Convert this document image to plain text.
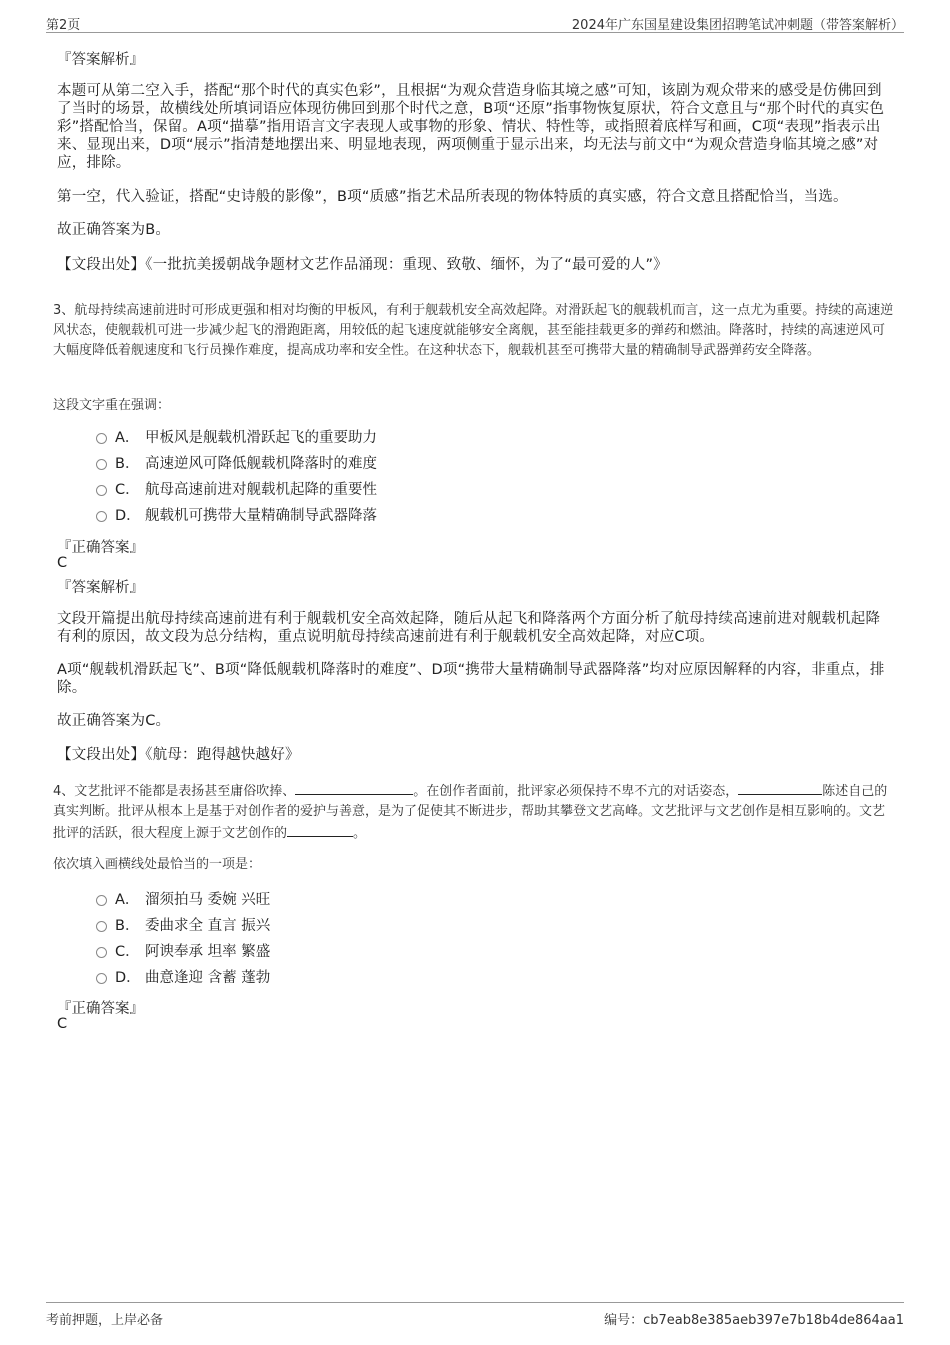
第2页	2024年广东国星建设集团招聘笔试冲刺题（带答案解析）
『答案解析』
本题可从第二空入手，搭配“那个时代的真实色彩”，且根据“为观众营造身临其境之感”可知，该剧为观众带来的感受是仿佛回到了当时的场景，故横线处所填词语应体现彷佛回到那个时代之意，B项“还原”指事物恢复原状，符合文意且与“那个时代的真实色彩”搭配恰当，保留。A项“描摹”指用语言文字表现人或事物的形象、情状、特性等，或指照着底样写和画，C项“表现”指表示出来、显现出来，D项“展示”指清楚地摆出来、明显地表现，两项侧重于显示出来，均无法与前文中“为观众营造身临其境之感”对应，排除。
第一空，代入验证，搭配“史诗般的影像”，B项“质感”指艺术品所表现的物体特质的真实感，符合文意且搭配恰当，当选。
故正确答案为B。
【文段出处】《一批抗美援朝战争题材文艺作品涌现：重现、致敬、缅怀，为了“最可爱的人”》
3、航母持续高速前进时可形成更强和相对均衡的甲板风，有利于舰载机安全高效起降。对滑跃起飞的舰载机而言，这一点尤为重要。持续的高速逆风状态，使舰载机可进一步减少起飞的滑跑距离，用较低的起飞速度就能够安全离舰，甚至能挂载更多的弹药和燃油。降落时，持续的高速逆风可大幅度降低着舰速度和飞行员操作难度，提高成功率和安全性。在这种状态下，舰载机甚至可携带大量的精确制导武器弹药安全降落。
这段文字重在强调：
A． 甲板风是舰载机滑跃起飞的重要助力
B． 高速逆风可降低舰载机降落时的难度
C． 航母高速前进对舰载机起降的重要性
D． 舰载机可携带大量精确制导武器降落
『正确答案』
C
『答案解析』
文段开篇提出航母持续高速前进有利于舰载机安全高效起降，随后从起飞和降落两个方面分析了航母持续高速前进对舰载机起降有利的原因，故文段为总分结构，重点说明航母持续高速前进有利于舰载机安全高效起降，对应C项。
A项“舰载机滑跃起飞”、B项“降低舰载机降落时的难度”、D项“携带大量精确制导武器降落”均对应原因解释的内容，非重点，排除。
故正确答案为C。
【文段出处】《航母：跑得越快越好》
4、文艺批评不能都是表扬甚至庸俗吹捧、	。在创作者面前，批评家必须保持不卑不亢的对话姿态，	陈述自己的真实判断。批评从根本上是基于对创作者的爱护与善意，是为了促使其不断进步，帮助其攀登文艺高峰。文艺批评与文艺创作是相互影响的。文艺批评的活跃，很大程度上源于文艺创作的	。
依次填入画横线处最恰当的一项是：
A． 溜须拍马 委婉 兴旺
B． 委曲求全 直言 振兴
C． 阿谀奉承 坦率 繁盛
D． 曲意逢迎 含蓄 蓬勃
『正确答案』
C
考前押题，上岸必备	编号：cb7eab8e385aeb397e7b18b4de864aa1
